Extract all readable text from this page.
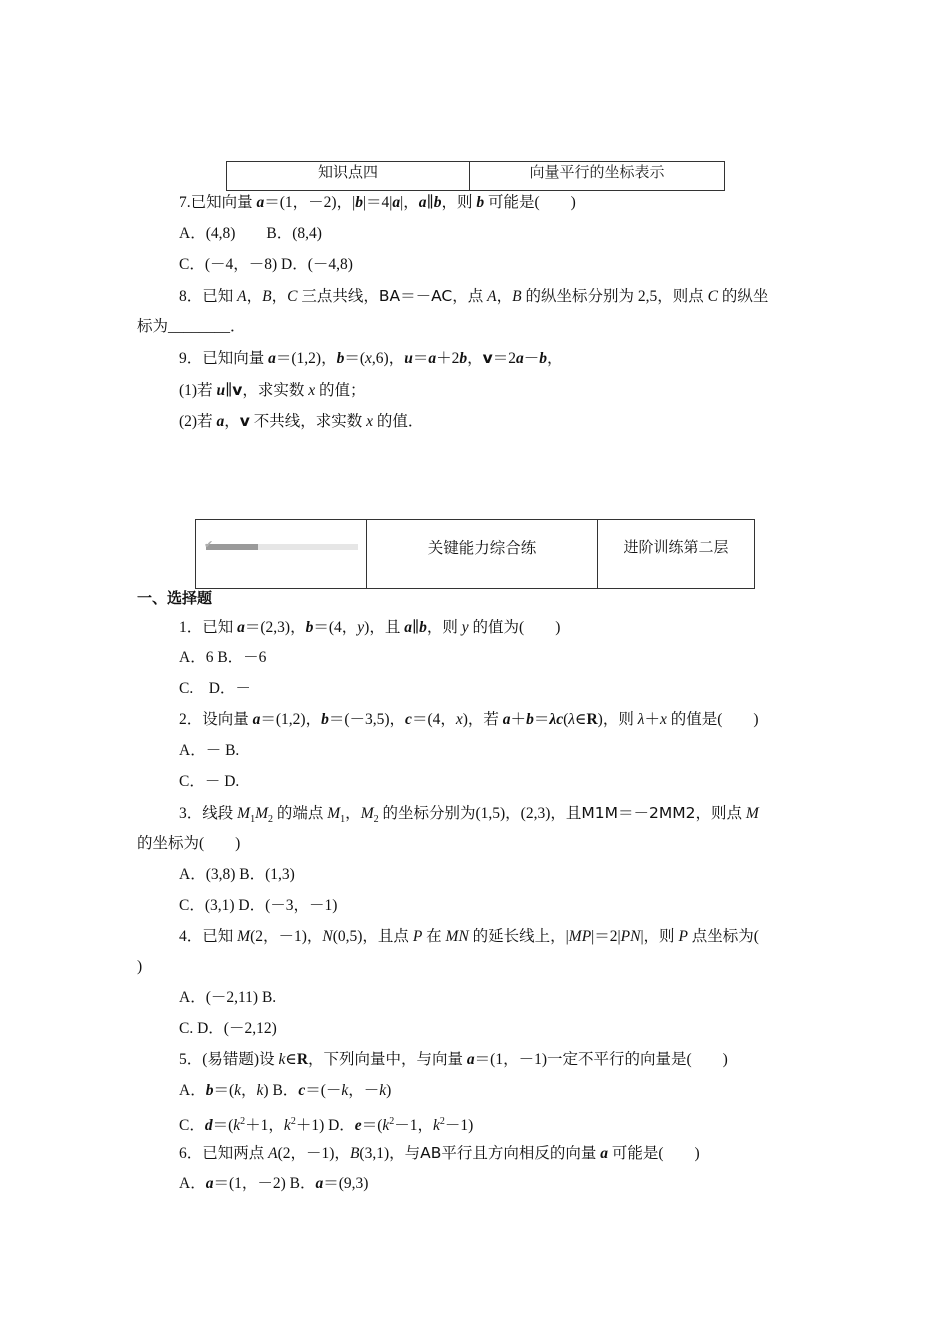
知识点四	向量平行的坐标表示
7.已知向量 a＝(1，－2)，|b|＝4|a|，a∥b，则 b 可能是(　　)
A．(4,8)　　B．(8,4)
C．(－4，－8) D．(－4,8)
8．已知 A，B，C 三点共线，BA＝－AC，点 A，B 的纵坐标分别为 2,5，则点 C 的纵坐
标为________．
9．已知向量 a＝(1,2)，b＝(x,6)，u＝a＋2b，v＝2a－b，
(1)若 u∥v，求实数 x 的值；
(2)若 a，v 不共线，求实数 x 的值．
✔	关键能力综合练	进阶训练第二层
一、选择题
1．已知 a＝(2,3)，b＝(4，y)，且 a∥b，则 y 的值为(　　)
A．6 B．－6
C.　D．－
2．设向量 a＝(1,2)，b＝(－3,5)，c＝(4，x)，若 a＋b＝λc(λ∈R)，则 λ＋x 的值是(　　)
A．－ B.
C．－ D.
3．线段 $M_1M_2$ 的端点 $M_1$，$M_2$ 的坐标分别为(1,5)，(2,3)，且M1M＝－2MM2，则点 M
的坐标为(　　)
A．(3,8) B．(1,3)
C．(3,1) D．(－3，－1)
4．已知 M(2，－1)，N(0,5)，且点 P 在 MN 的延长线上，|MP|＝2|PN|，则 P 点坐标为(
)
A．(－2,11) B.
C. D．(－2,12)
5．(易错题)设 k∈R，下列向量中，与向量 a＝(1，－1)一定不平行的向量是(　　)
A．b＝(k，k) B．c＝(－k，－k)
C．$d=(k^2+1$，$k^2+1$) D．$e=(k^2-1$，$k^2-1$)
6．已知两点 A(2，－1)，B(3,1)，与AB平行且方向相反的向量 a 可能是(　　)
A．a＝(1，－2) B．a＝(9,3)
